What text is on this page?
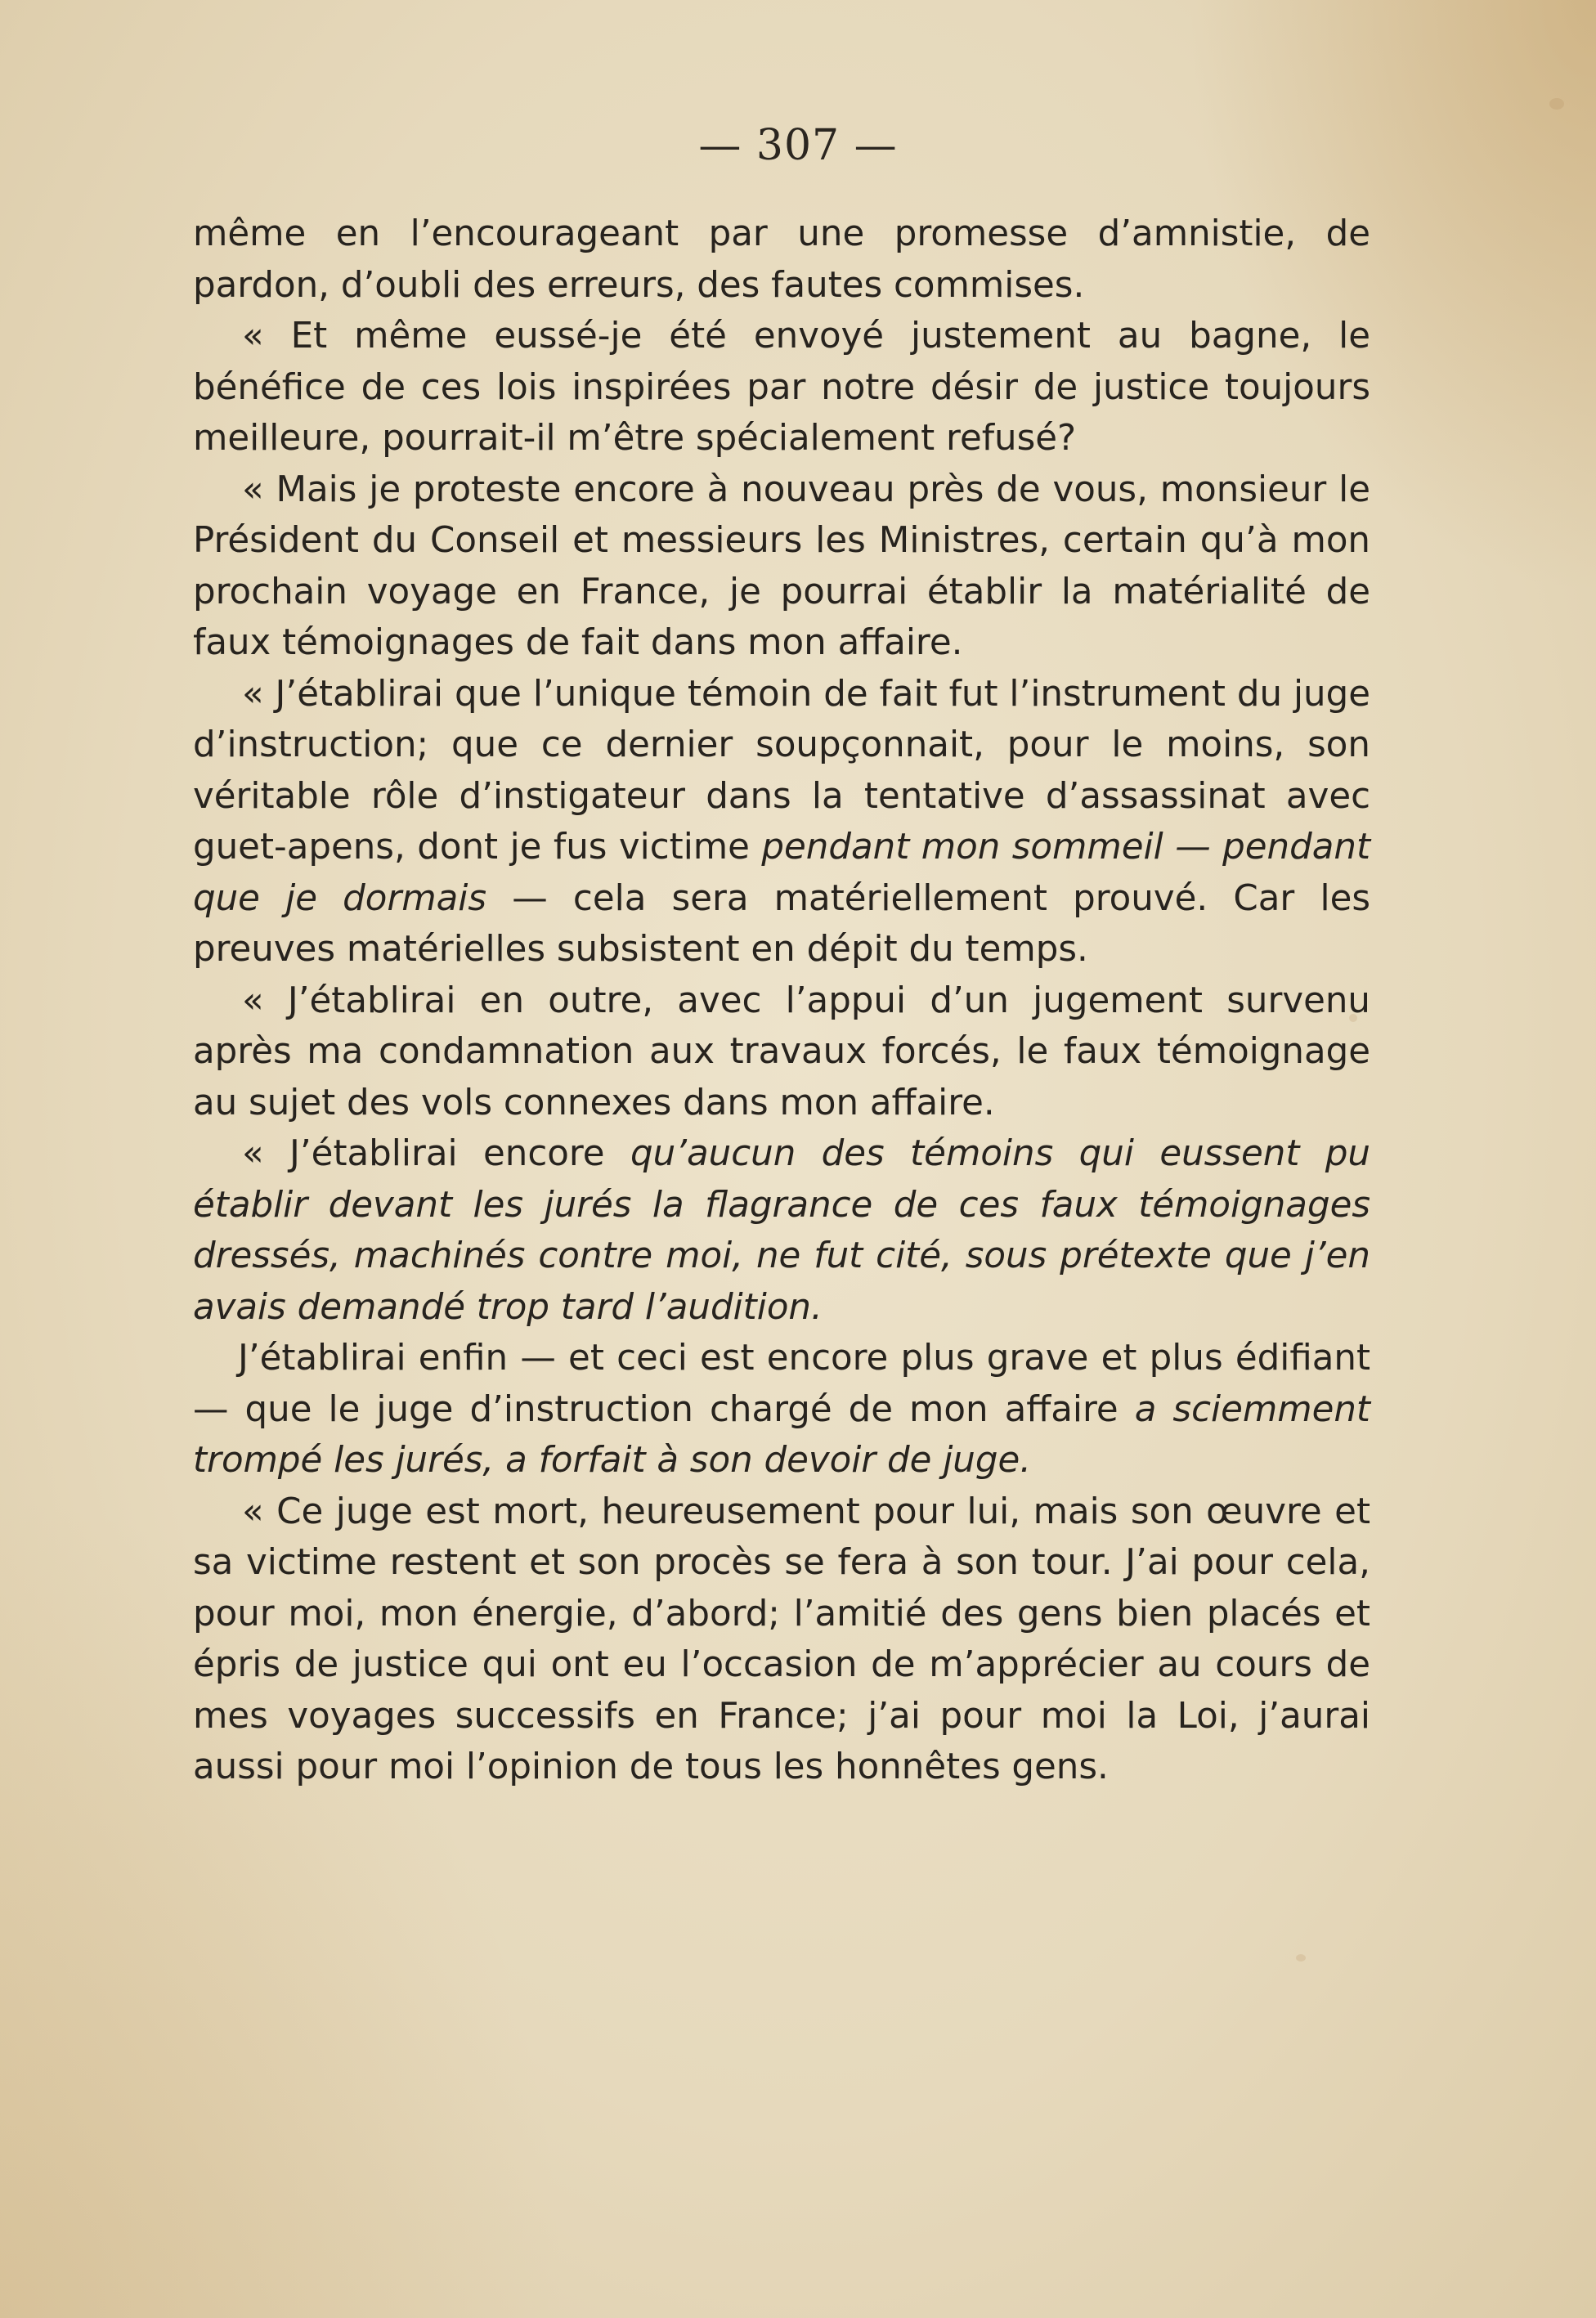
— 307 —

même en l’encourageant par une promesse d’amnistie, de pardon, d’oubli des erreurs, des fautes commises.

« Et même eussé-je été envoyé justement au bagne, le bénéfice de ces lois inspirées par notre désir de justice toujours meilleure, pourrait-il m’être spécialement refusé?

« Mais je proteste encore à nouveau près de vous, monsieur le Président du Conseil et messieurs les Ministres, certain qu’à mon prochain voyage en France, je pourrai établir la matérialité de faux témoignages de fait dans mon affaire.

« J’établirai que l’unique témoin de fait fut l’instrument du juge d’instruction; que ce dernier soupçonnait, pour le moins, son véritable rôle d’instigateur dans la tentative d’assassinat avec guet-apens, dont je fus victime pendant mon sommeil — pendant que je dormais — cela sera matériellement prouvé. Car les preuves matérielles subsistent en dépit du temps.

« J’établirai en outre, avec l’appui d’un jugement survenu après ma condamnation aux travaux forcés, le faux témoignage au sujet des vols connexes dans mon affaire.

« J’établirai encore qu’aucun des témoins qui eussent pu établir devant les jurés la flagrance de ces faux témoignages dressés, machinés contre moi, ne fut cité, sous prétexte que j’en avais demandé trop tard l’audition.

J’établirai enfin — et ceci est encore plus grave et plus édifiant — que le juge d’instruction chargé de mon affaire a sciemment trompé les jurés, a forfait à son devoir de juge.

« Ce juge est mort, heureusement pour lui, mais son œuvre et sa victime restent et son procès se fera à son tour. J’ai pour cela, pour moi, mon énergie, d’abord; l’amitié des gens bien placés et épris de justice qui ont eu l’occasion de m’apprécier au cours de mes voyages successifs en France; j’ai pour moi la Loi, j’aurai aussi pour moi l’opinion de tous les honnêtes gens.
